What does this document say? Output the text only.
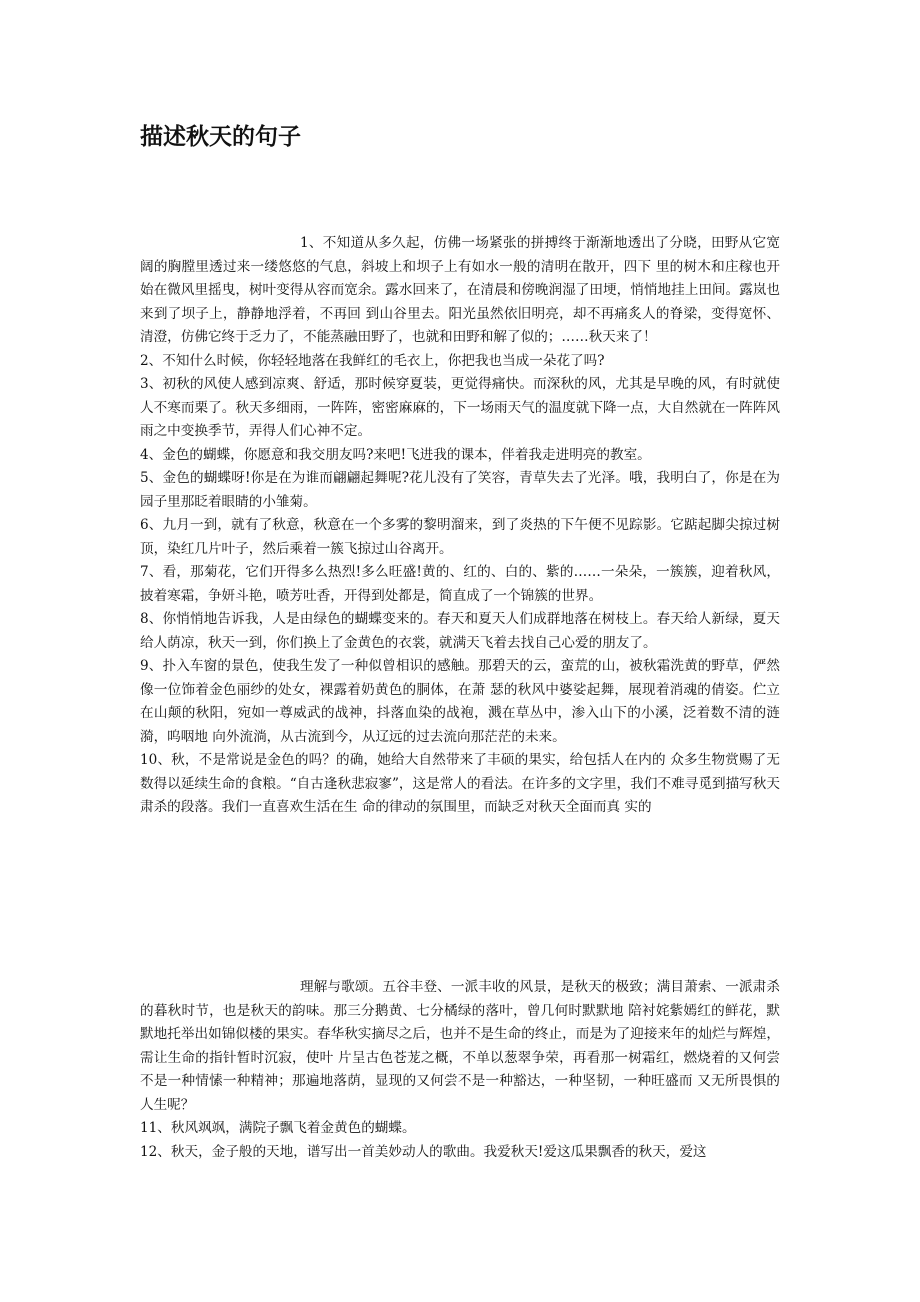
描述秋天的句子

1、不知道从多久起，仿佛一场紧张的拼搏终于渐渐地透出了分晓，田野从它宽阔的胸膛里透过来一缕悠悠的气息，斜坡上和坝子上有如水一般的清明在散开，四下 里的树木和庄稼也开始在微风里摇曳，树叶变得从容而宽余。露水回来了，在清晨和傍晚润湿了田埂，悄悄地挂上田间。露岚也来到了坝子上，静静地浮着，不再回 到山谷里去。阳光虽然依旧明亮，却不再痛炙人的脊梁，变得宽怀、清澄，仿佛它终于乏力了，不能蒸融田野了，也就和田野和解了似的；……秋天来了！

2、不知什么时候，你轻轻地落在我鲜红的毛衣上，你把我也当成一朵花了吗?

3、初秋的风使人感到凉爽、舒适，那时候穿夏装，更觉得痛快。而深秋的风，尤其是早晚的风，有时就使人不寒而栗了。秋天多细雨，一阵阵，密密麻麻的，下一场雨天气的温度就下降一点，大自然就在一阵阵风雨之中变换季节，弄得人们心神不定。

4、金色的蝴蝶，你愿意和我交朋友吗?来吧!飞进我的课本，伴着我走进明亮的教室。

5、金色的蝴蝶呀!你是在为谁而翩翩起舞呢?花儿没有了笑容，青草失去了光泽。哦，我明白了，你是在为园子里那眨着眼睛的小雏菊。

6、九月一到，就有了秋意，秋意在一个多雾的黎明溜来，到了炎热的下午便不见踪影。它踮起脚尖掠过树顶，染红几片叶子，然后乘着一簇飞掠过山谷离开。

7、看，那菊花，它们开得多么热烈!多么旺盛!黄的、红的、白的、紫的……一朵朵，一簇簇，迎着秋风，披着寒霜，争妍斗艳，喷芳吐香，开得到处都是，简直成了一个锦簇的世界。

8、你悄悄地告诉我，人是由绿色的蝴蝶变来的。春天和夏天人们成群地落在树枝上。春天给人新绿，夏天给人荫凉，秋天一到，你们换上了金黄色的衣裳，就满天飞着去找自己心爱的朋友了。

9、扑入车窗的景色，使我生发了一种似曾相识的感触。那碧天的云，蛮荒的山，被秋霜洗黄的野草，俨然像一位饰着金色丽纱的处女，裸露着奶黄色的胴体，在萧 瑟的秋风中婆娑起舞，展现着消魂的倩姿。伫立在山颠的秋阳，宛如一尊威武的战神，抖落血染的战袍，溅在草丛中，渗入山下的小溪，泛着数不清的涟漪，呜咽地 向外流淌，从古流到今，从辽远的过去流向那茫茫的未来。

10、秋，不是常说是金色的吗？的确，她给大自然带来了丰硕的果实，给包括人在内的 众多生物赏赐了无数得以延续生命的食粮。“自古逢秋悲寂寥”，这是常人的看法。在许多的文字里，我们不难寻觅到描写秋天肃杀的段落。我们一直喜欢生活在生 命的律动的氛围里，而缺乏对秋天全面而真 实的

理解与歌颂。五谷丰登、一派丰收的风景，是秋天的极致；满目萧索、一派肃杀的暮秋时节，也是秋天的韵味。那三分鹅黄、七分橘绿的落叶，曾几何时默默地 陪衬姹紫嫣红的鲜花，默默地托举出如锦似楼的果实。春华秋实摘尽之后，也并不是生命的终止，而是为了迎接来年的灿烂与辉煌，需让生命的指针暂时沉寂，使叶 片呈古色苍茏之概，不单以葱翠争荣，再看那一树霜红，燃烧着的又何尝不是一种情愫一种精神；那遍地落荫，显现的又何尝不是一种豁达，一种坚韧，一种旺盛而 又无所畏惧的人生呢？

11、秋风飒飒，满院子飘飞着金黄色的蝴蝶。

12、秋天，金子般的天地，谱写出一首美妙动人的歌曲。我爱秋天!爱这瓜果飘香的秋天，爱这
